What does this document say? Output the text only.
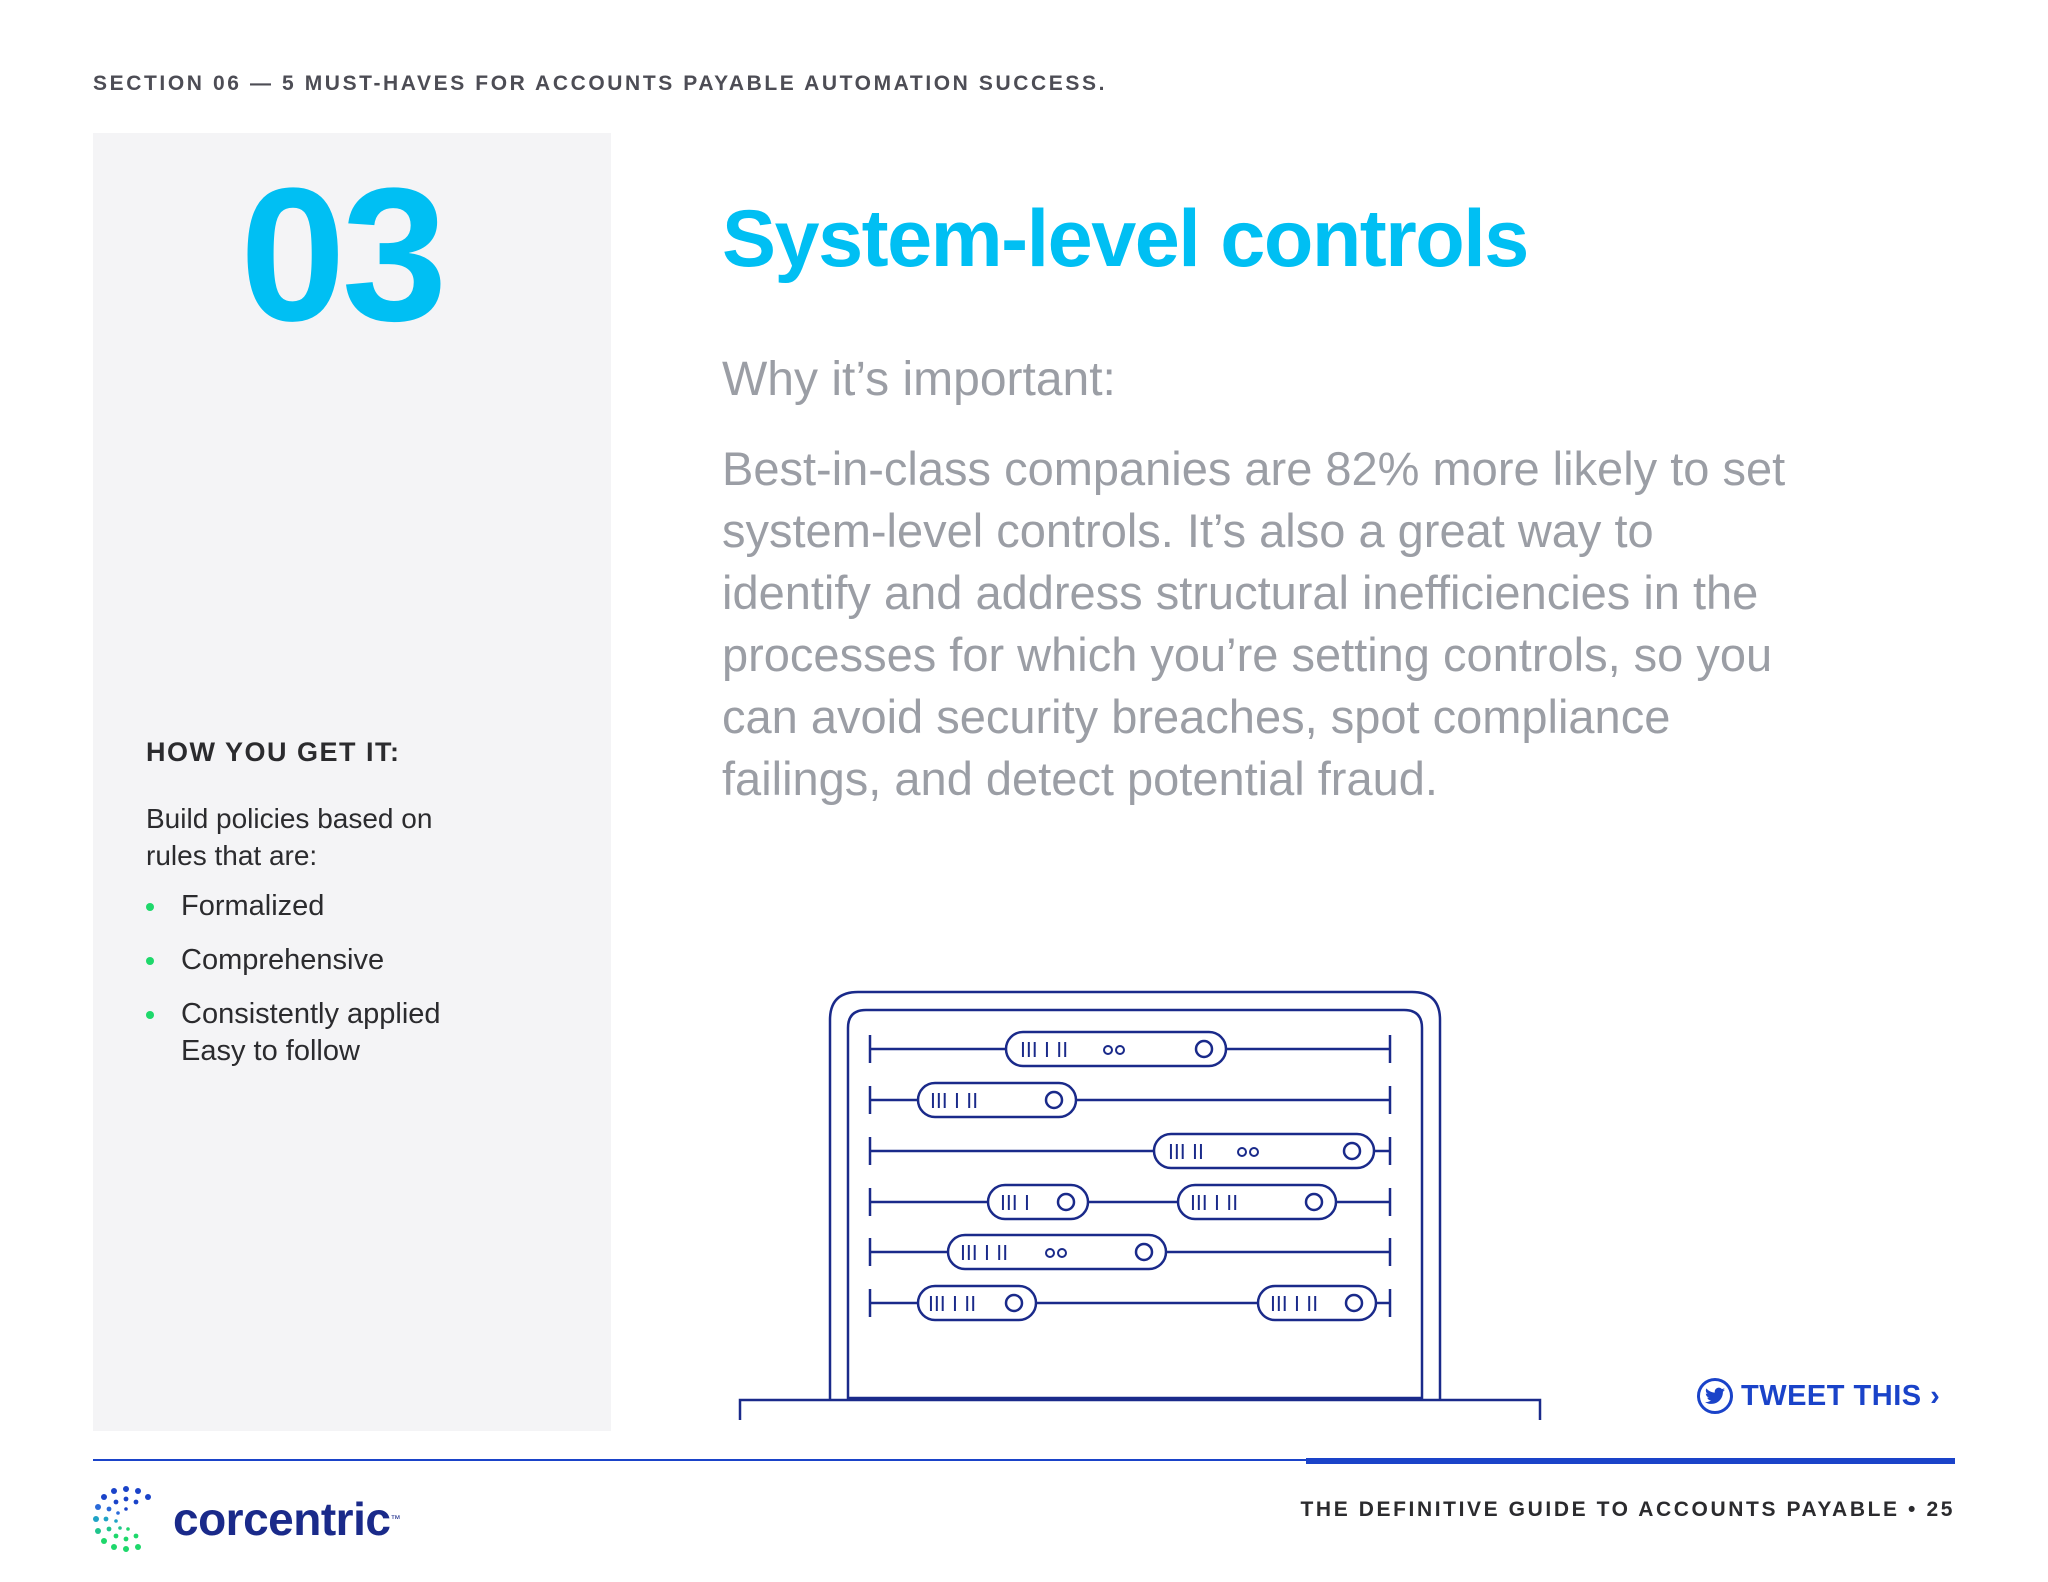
SECTION 06 — 5 MUST-HAVES FOR ACCOUNTS PAYABLE AUTOMATION SUCCESS.
03
HOW YOU GET IT:
Build policies based on rules that are:
Formalized
Comprehensive
Consistently applied
Easy to follow
System-level controls
Why it’s important:
Best-in-class companies are 82% more likely to set system-level controls. It’s also a great way to identify and address structural inefficiencies in the processes for which you’re setting controls, so you can avoid security breaches, spot compliance failings, and detect potential fraud.
III I II
III I II
III II
III I	III I II
III I II
III I II	III I II
TWEET THIS ›
corcentric ™	THE DEFINITIVE GUIDE TO ACCOUNTS PAYABLE • 25
